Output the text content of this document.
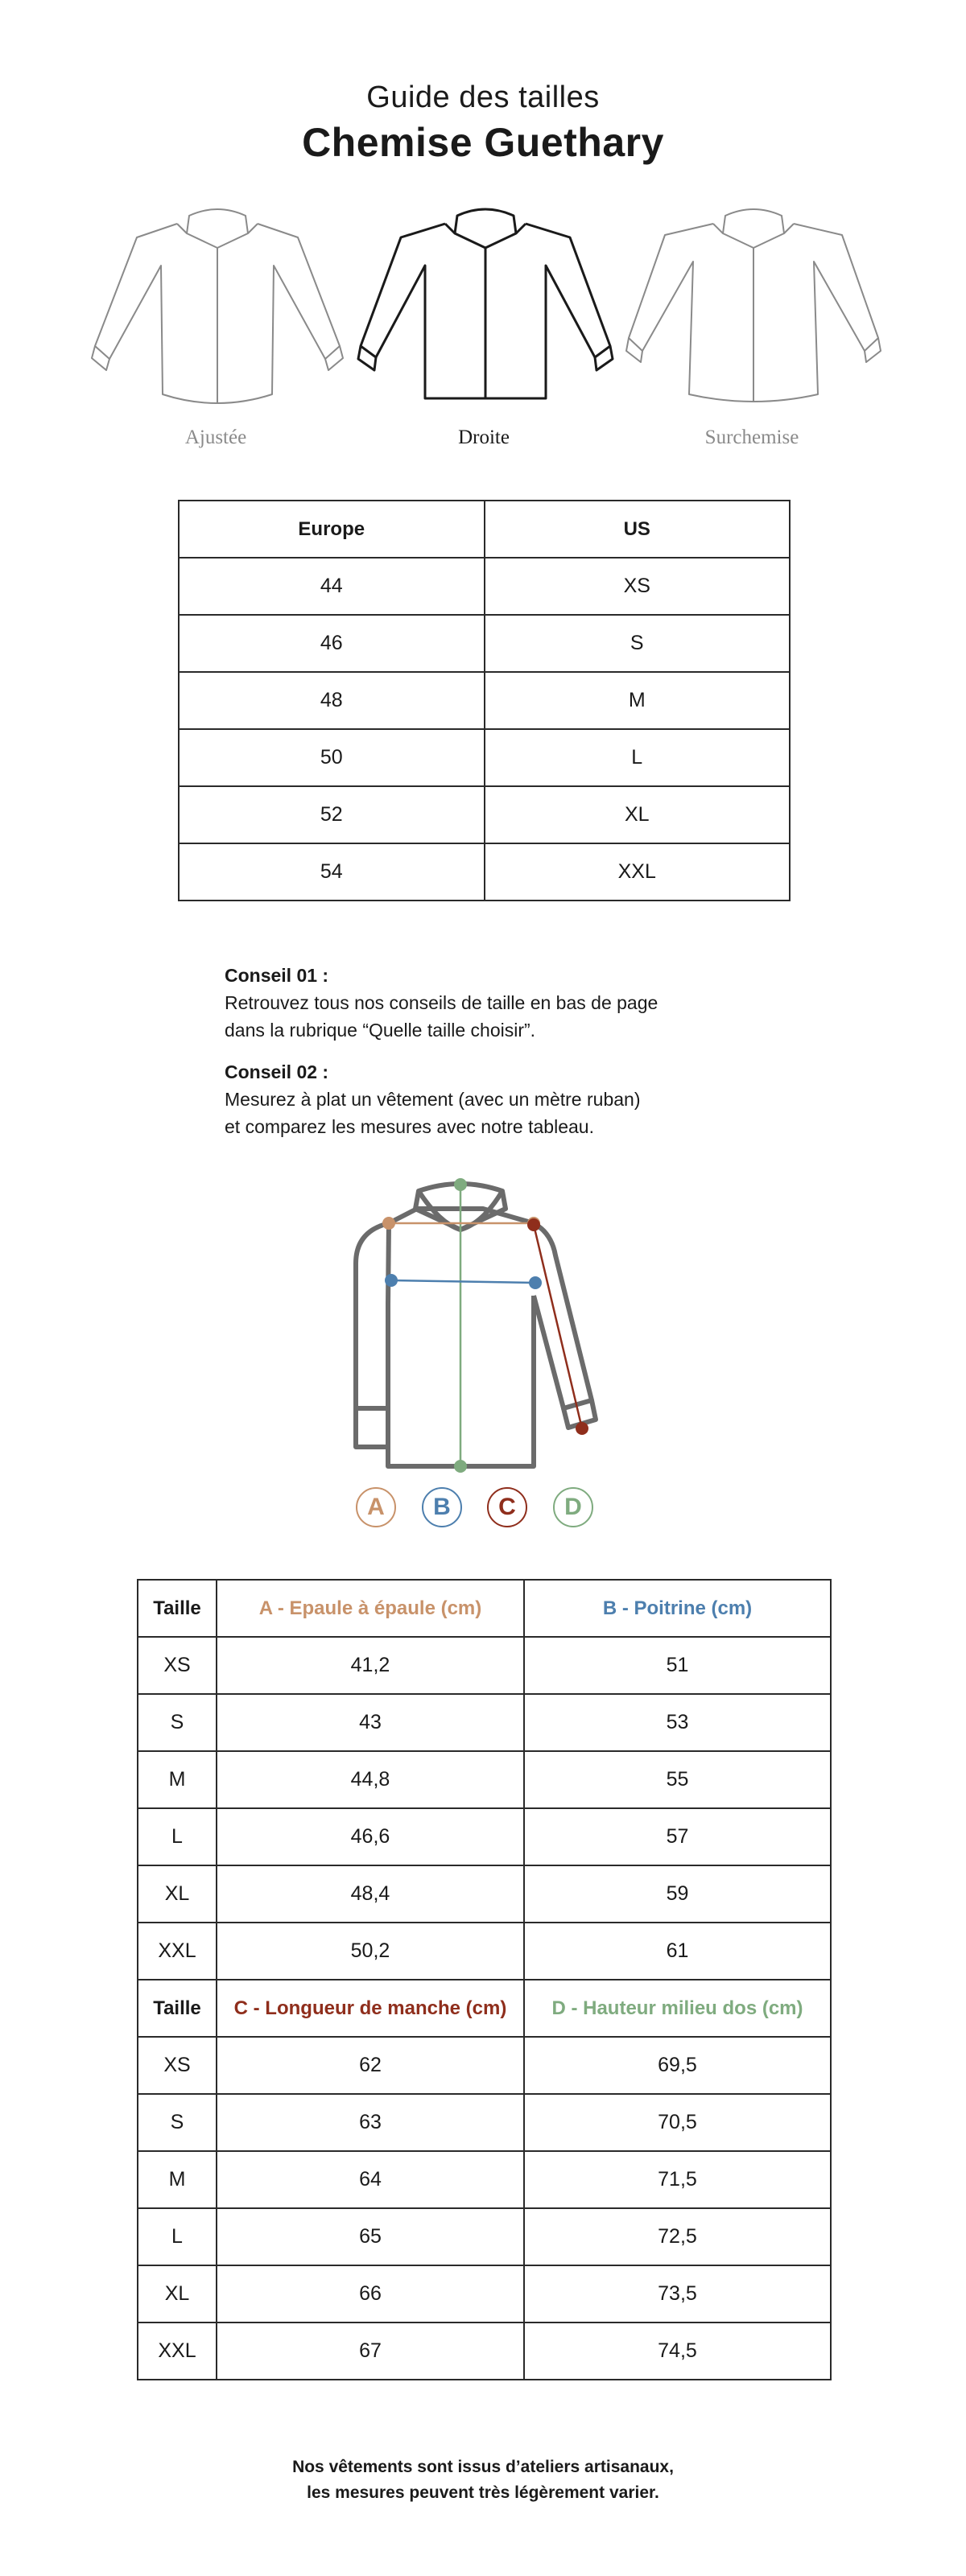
Guide des tailles
Chemise Guethary
Ajustée	Droite	Surchemise
Europe	US
44	XS
46	S
48	M
50	L
52	XL
54	XXL
Conseil 01 :
Retrouvez tous nos conseils de taille en bas de page
dans la rubrique “Quelle taille choisir”.
Conseil 02 :
Mesurez à plat un vêtement (avec un mètre ruban)
et comparez les mesures avec notre tableau.
A	B	C	D
Taille	A - Epaule à épaule (cm)	B - Poitrine (cm)
XS	41,2	51
S	43	53
M	44,8	55
L	46,6	57
XL	48,4	59
XXL	50,2	61
Taille	C - Longueur de manche (cm)	D - Hauteur milieu dos (cm)
XS	62	69,5
S	63	70,5
M	64	71,5
L	65	72,5
XL	66	73,5
XXL	67	74,5
Nos vêtements sont issus d’ateliers artisanaux,
les mesures peuvent très légèrement varier.
